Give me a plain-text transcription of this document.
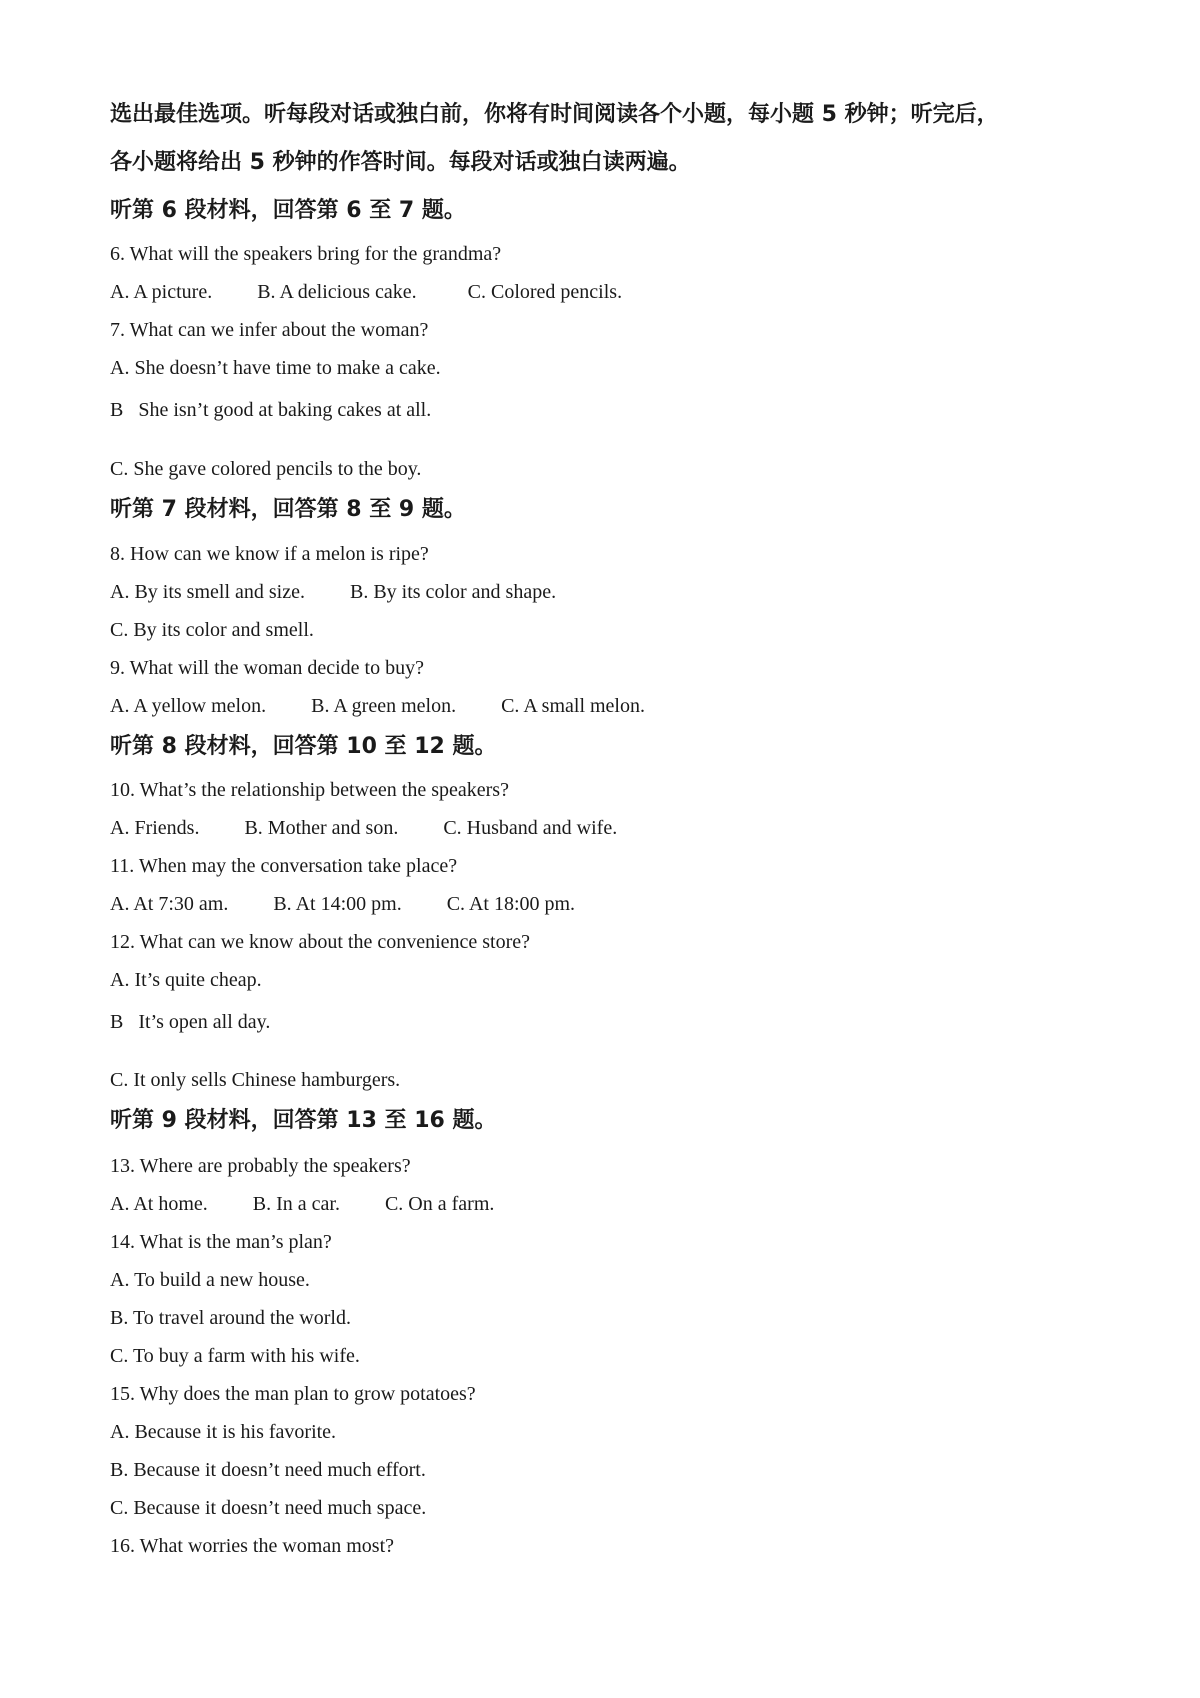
选出最佳选项。听每段对话或独白前，你将有时间阅读各个小题，每小题 5 秒钟；听完后，
各小题将给出 5 秒钟的作答时间。每段对话或独白读两遍。
听第 6 段材料，回答第 6 至 7 题。
6. What will the speakers bring for the grandma?
A. A picture. B. A delicious cake.	C. Colored pencils.
7. What can we infer about the woman?
A. She doesn’t have time to make a cake.
B   She isn’t good at baking cakes at all.
C. She gave colored pencils to the boy.
听第 7 段材料，回答第 8 至 9 题。
8. How can we know if a melon is ripe?
A. By its smell and size. B. By its color and shape.
C. By its color and smell.
9. What will the woman decide to buy?
A. A yellow melon. B. A green melon. C. A small melon.
听第 8 段材料，回答第 10 至 12 题。
10. What’s the relationship between the speakers?
A. Friends. B. Mother and son. C. Husband and wife.
11. When may the conversation take place?
A. At 7:30 am. B. At 14:00 pm. C. At 18:00 pm.
12. What can we know about the convenience store?
A. It’s quite cheap.
B   It’s open all day.
C. It only sells Chinese hamburgers.
听第 9 段材料，回答第 13 至 16 题。
13. Where are probably the speakers?
A. At home. B. In a car. C. On a farm.
14. What is the man’s plan?
A. To build a new house.
B. To travel around the world.
C. To buy a farm with his wife.
15. Why does the man plan to grow potatoes?
A. Because it is his favorite.
B. Because it doesn’t need much effort.
C. Because it doesn’t need much space.
16. What worries the woman most?
